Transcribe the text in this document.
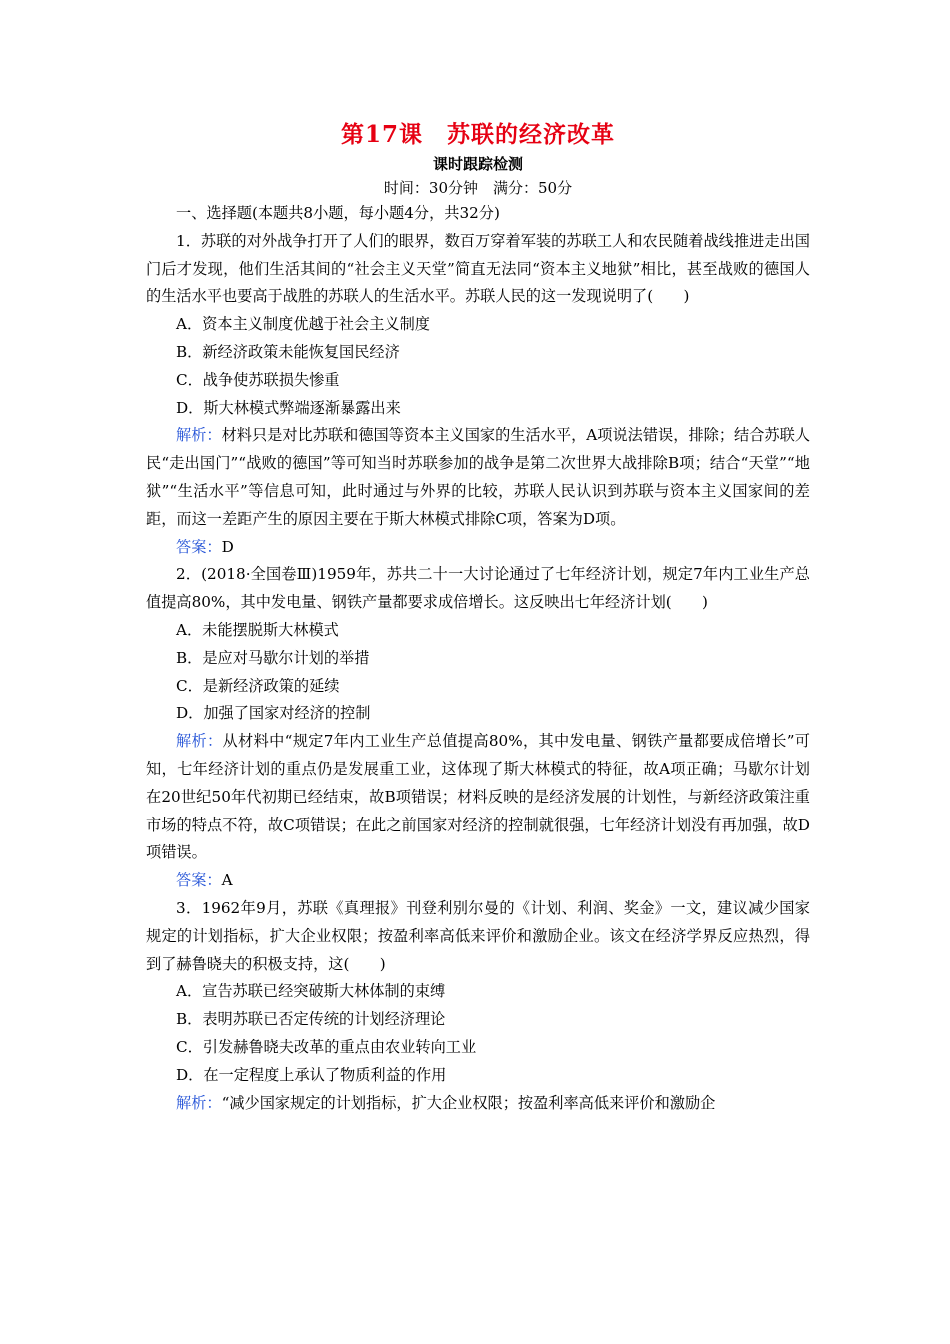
第17课　苏联的经济改革
课时跟踪检测
时间：30分钟　满分：50分

一、选择题(本题共8小题，每小题4分，共32分)

1．苏联的对外战争打开了人们的眼界，数百万穿着军装的苏联工人和农民随着战线推进走出国门后才发现，他们生活其间的“社会主义天堂”简直无法同“资本主义地狱”相比，甚至战败的德国人的生活水平也要高于战胜的苏联人的生活水平。苏联人民的这一发现说明了(　　)

A．资本主义制度优越于社会主义制度

B．新经济政策未能恢复国民经济

C．战争使苏联损失惨重

D．斯大林模式弊端逐渐暴露出来

解析：材料只是对比苏联和德国等资本主义国家的生活水平，A项说法错误，排除；结合苏联人民“走出国门”“战败的德国”等可知当时苏联参加的战争是第二次世界大战排除B项；结合“天堂”“地狱”“生活水平”等信息可知，此时通过与外界的比较，苏联人民认识到苏联与资本主义国家间的差距，而这一差距产生的原因主要在于斯大林模式排除C项，答案为D项。

答案：D

2．(2018·全国卷Ⅲ)1959年，苏共二十一大讨论通过了七年经济计划，规定7年内工业生产总值提高80%，其中发电量、钢铁产量都要求成倍增长。这反映出七年经济计划(　　)

A．未能摆脱斯大林模式

B．是应对马歇尔计划的举措

C．是新经济政策的延续

D．加强了国家对经济的控制

解析：从材料中“规定7年内工业生产总值提高80%，其中发电量、钢铁产量都要成倍增长”可知，七年经济计划的重点仍是发展重工业，这体现了斯大林模式的特征，故A项正确；马歇尔计划在20世纪50年代初期已经结束，故B项错误；材料反映的是经济发展的计划性，与新经济政策注重市场的特点不符，故C项错误；在此之前国家对经济的控制就很强，七年经济计划没有再加强，故D项错误。

答案：A

3．1962年9月，苏联《真理报》刊登利别尔曼的《计划、利润、奖金》一文，建议减少国家规定的计划指标，扩大企业权限；按盈利率高低来评价和激励企业。该文在经济学界反应热烈，得到了赫鲁晓夫的积极支持，这(　　)

A．宣告苏联已经突破斯大林体制的束缚

B．表明苏联已否定传统的计划经济理论

C．引发赫鲁晓夫改革的重点由农业转向工业

D．在一定程度上承认了物质利益的作用

解析：“减少国家规定的计划指标，扩大企业权限；按盈利率高低来评价和激励企
